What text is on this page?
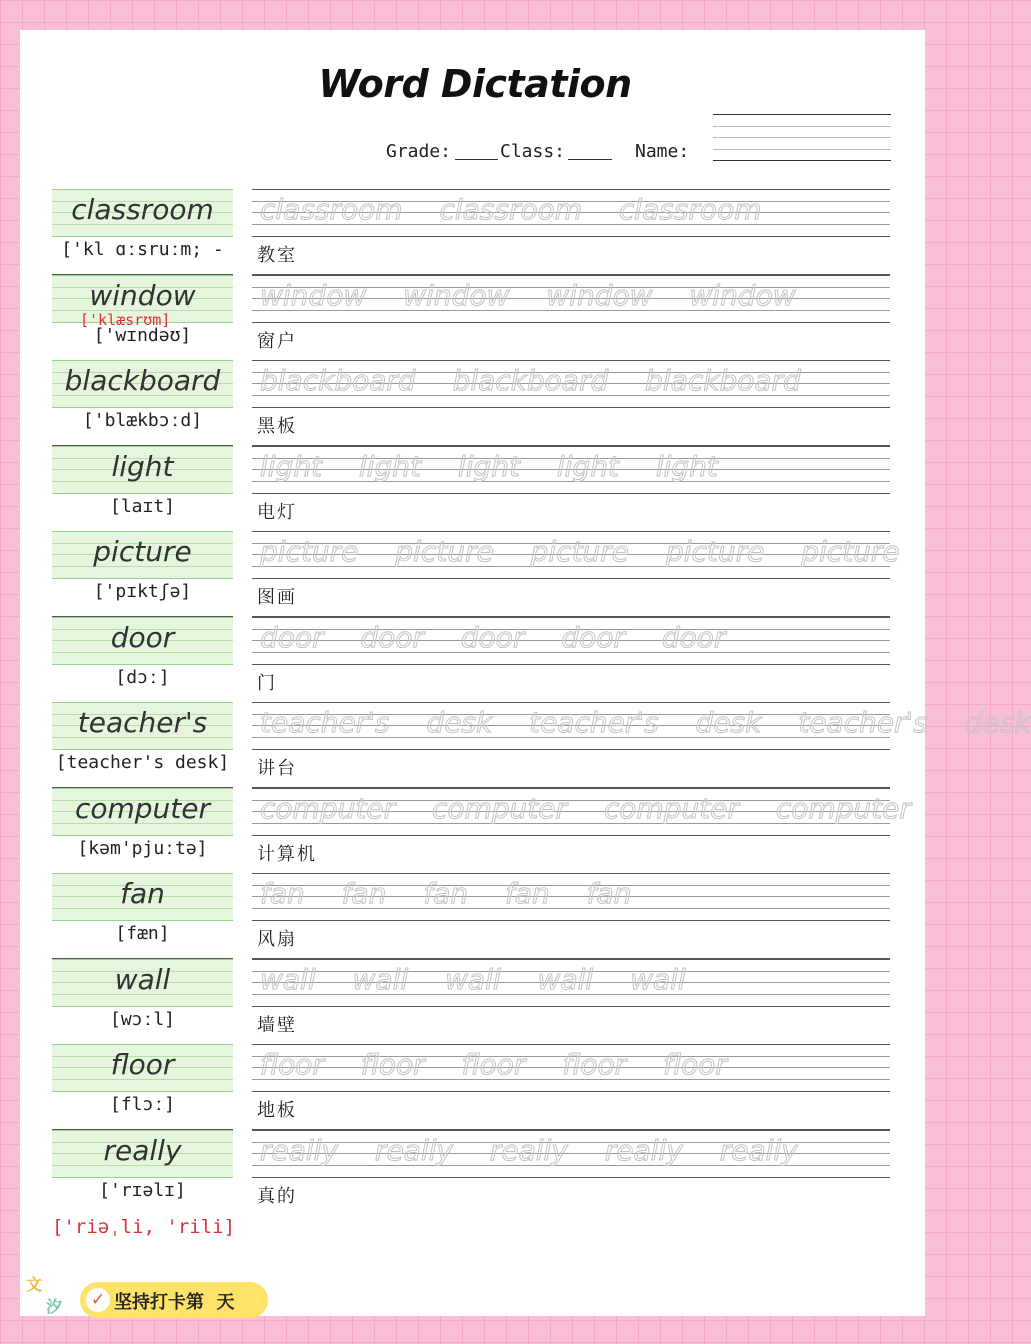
Word Dictation
Grade:	Class:	Name:
classroom	classroom classroom classroom
['kl ɑːsruːm; -	教室
window	window window window window
['wɪndəʊ]	窗户
['klæsrʊm]
blackboard	blackboard blackboard blackboard
['blækbɔːd]	黑板
light	light light light light light
[laɪt]	电灯
picture	picture picture picture picture picture
['pɪktʃə]	图画
door	door door door door door
[dɔː]	门
teacher's	teacher's desk teacher's desk teacher's desk
[teacher's desk] 讲台
computer	computer computer computer computer
[kəm'pjuːtə]	计算机
fan	fan fan fan fan fan
[fæn]	风扇
wall	wall wall wall wall wall
[wɔːl]	墙壁
floor	floor floor floor floor floor
[flɔː]	地板
really	really really really really really
['rɪəlɪ]	真的
['riəˌli, 'rili]
文
汐 ✓ 坚持打卡第  天
